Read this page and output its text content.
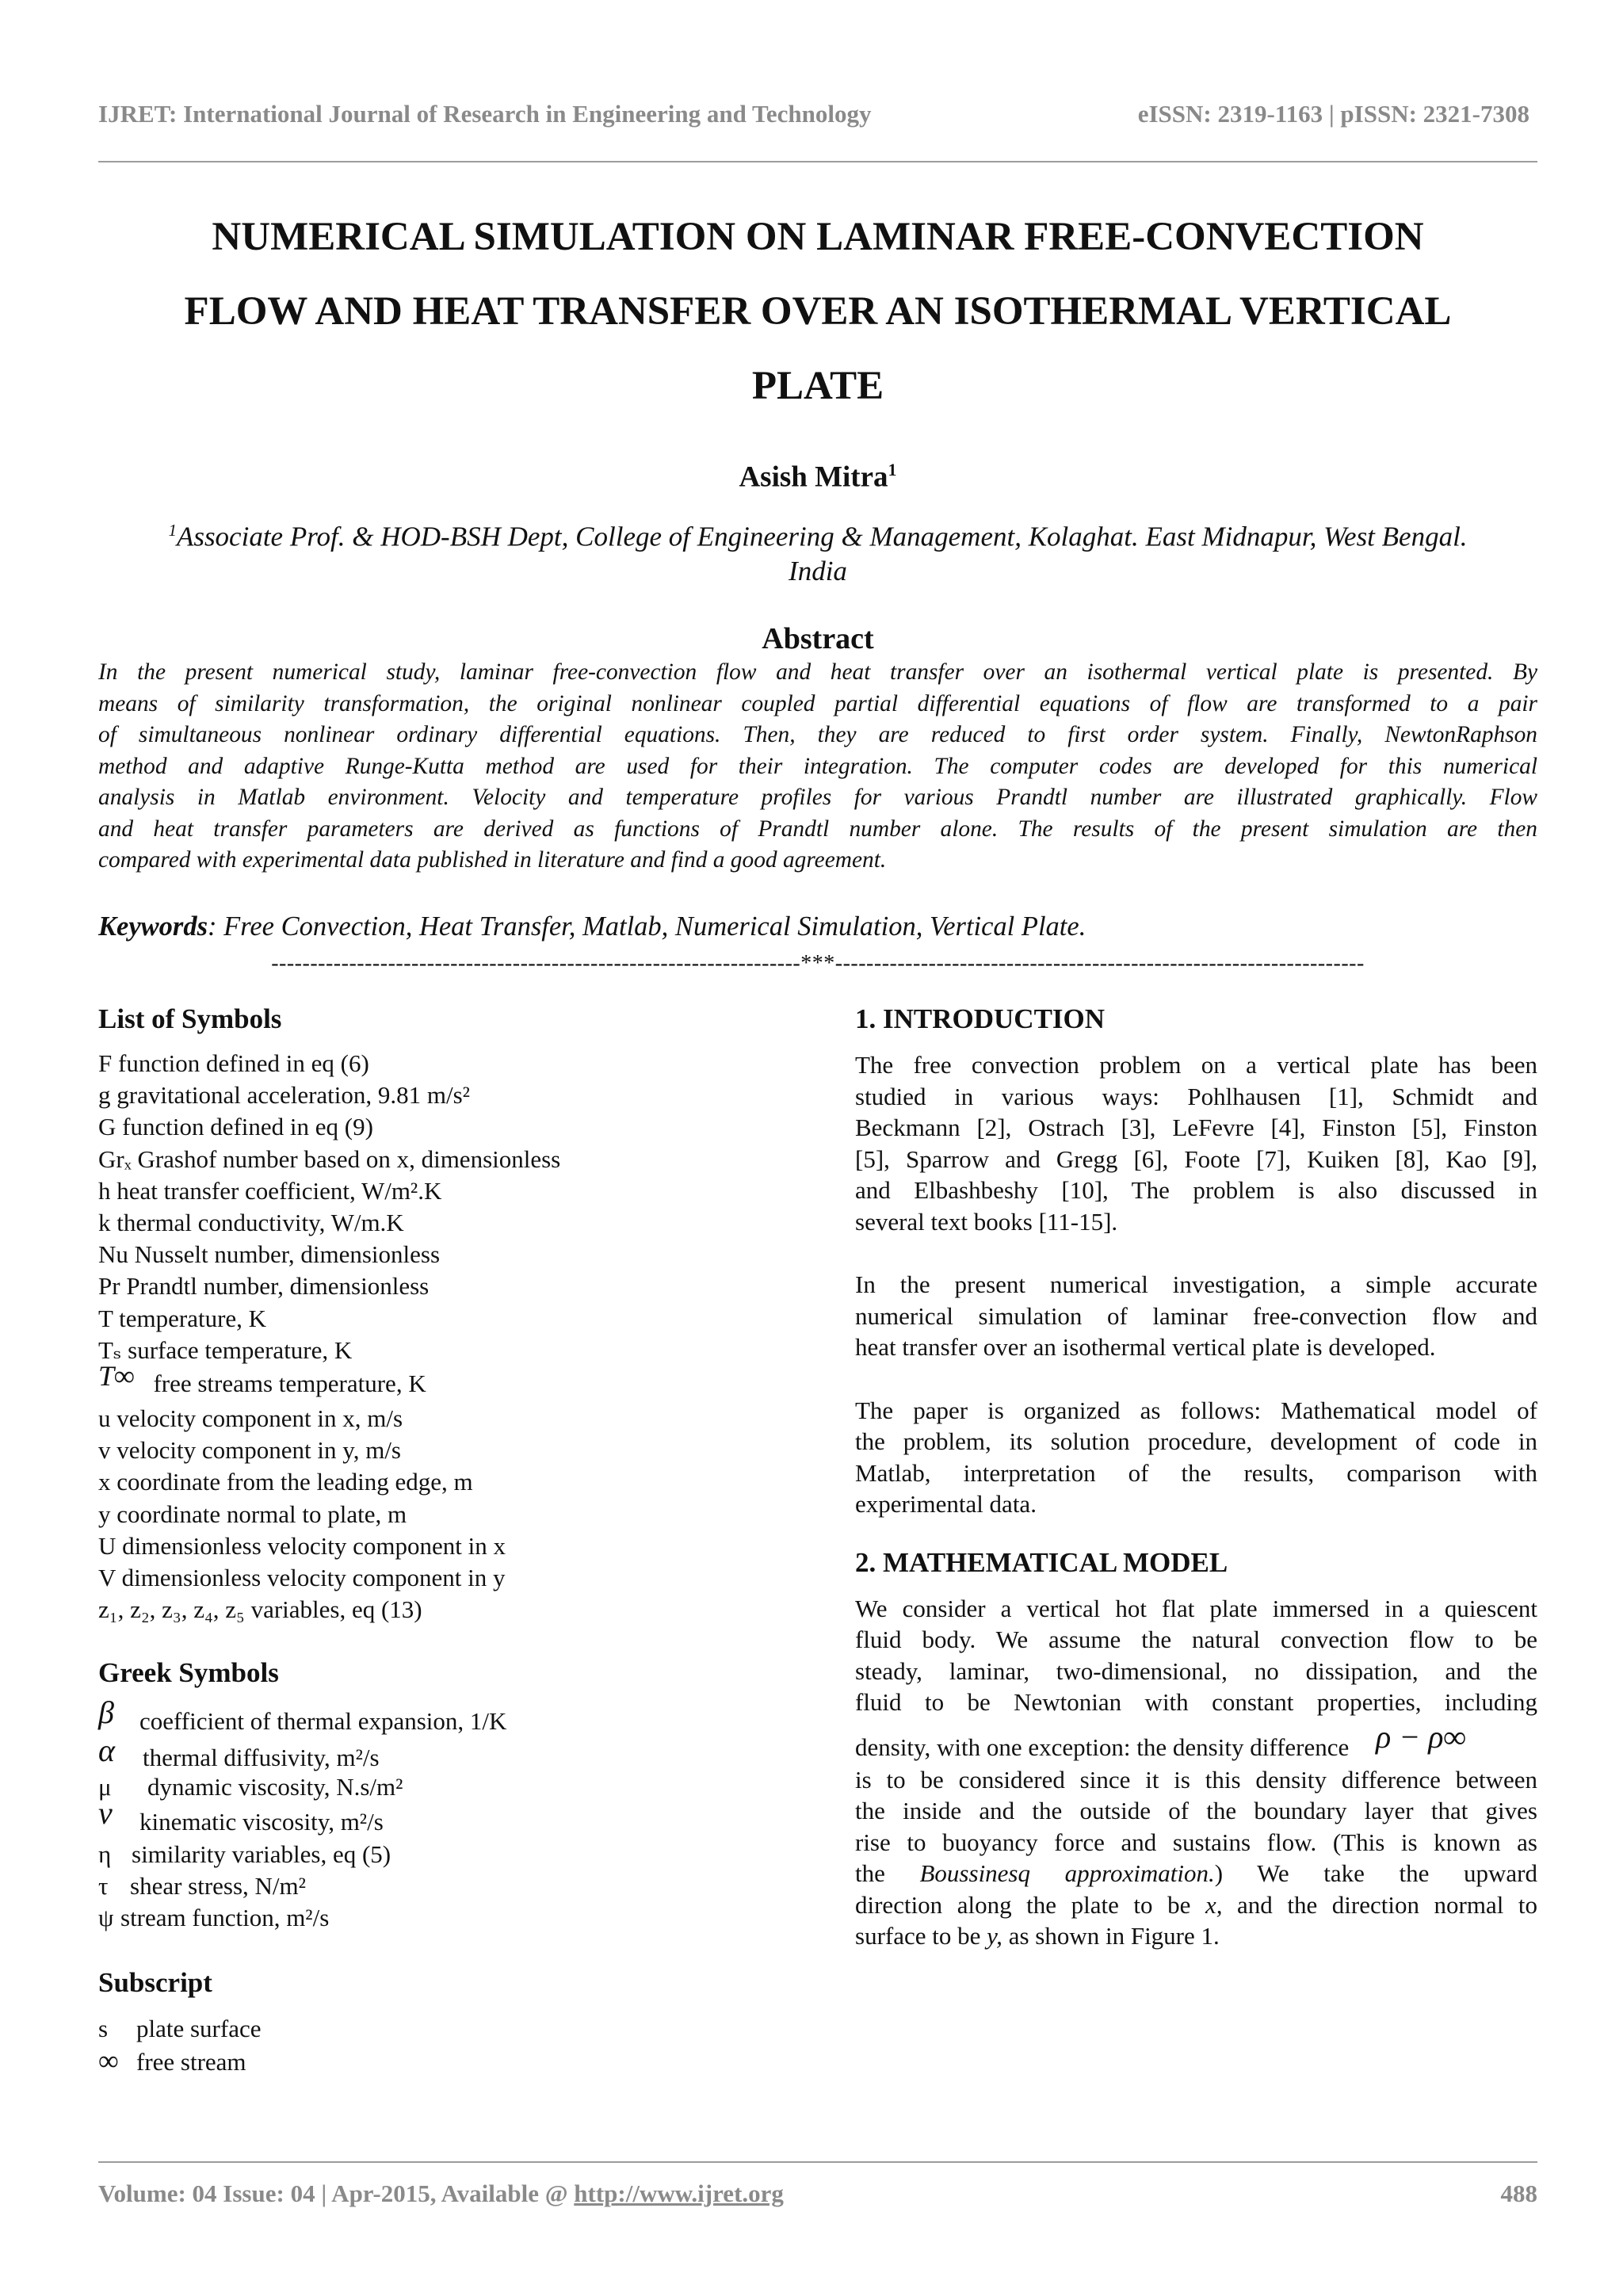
IJRET: International Journal of Research in Engineering and Technology	eISSN: 2319-1163 | pISSN: 2321-7308
NUMERICAL SIMULATION ON LAMINAR FREE-CONVECTION
FLOW AND HEAT TRANSFER OVER AN ISOTHERMAL VERTICAL
PLATE
Asish Mitra$^1$
$^1$Associate Prof. & HOD-BSH Dept, College of Engineering & Management, Kolaghat. East Midnapur, West Bengal.
India
Abstract
In the present numerical study, laminar free-convection flow and heat transfer over an isothermal vertical plate is presented. By
means of similarity transformation, the original nonlinear coupled partial differential equations of flow are transformed to a pair
of simultaneous nonlinear ordinary differential equations. Then, they are reduced to first order system. Finally, NewtonRaphson
method and adaptive Runge-Kutta method are used for their integration. The computer codes are developed for this numerical
analysis in Matlab environment. Velocity and temperature profiles for various Prandtl number are illustrated graphically. Flow
and heat transfer parameters are derived as functions of Prandtl number alone. The results of the present simulation are then
compared with experimental data published in literature and find a good agreement.
Keywords: Free Convection, Heat Transfer, Matlab, Numerical Simulation, Vertical Plate.
--------------------------------------------------------------------***--------------------------------------------------------------------
List of Symbols
F function defined in eq (6)
g gravitational acceleration, 9.81 m/s²
G function defined in eq (9)
Grₓ Grashof number based on x, dimensionless
h heat transfer coefficient, W/m².K
k thermal conductivity, W/m.K
Nu Nusselt number, dimensionless
Pr Prandtl number, dimensionless
T temperature, K
Tₛ surface temperature, K
T∞ free streams temperature, K
u velocity component in x, m/s
v velocity component in y, m/s
x coordinate from the leading edge, m
y coordinate normal to plate, m
U dimensionless velocity component in x
V dimensionless velocity component in y
z₁, z₂, z₃, z₄, z₅ variables, eq (13)
Greek Symbols
β coefficient of thermal expansion, 1/K
α thermal diffusivity, m²/s
μ dynamic viscosity, N.s/m²
ν kinematic viscosity, m²/s
η similarity variables, eq (5)
τ shear stress, N/m²
ψ stream function, m²/s
Subscript
s plate surface
∞ free stream
1. INTRODUCTION
The free convection problem on a vertical plate has been
studied in various ways: Pohlhausen [1], Schmidt and
Beckmann [2], Ostrach [3], LeFevre [4], Finston [5], Finston
[5], Sparrow and Gregg [6], Foote [7], Kuiken [8], Kao [9],
and Elbashbeshy [10], The problem is also discussed in
several text books [11-15].
In the present numerical investigation, a simple accurate
numerical simulation of laminar free-convection flow and
heat transfer over an isothermal vertical plate is developed.
The paper is organized as follows: Mathematical model of
the problem, its solution procedure, development of code in
Matlab, interpretation of the results, comparison with
experimental data.
2. MATHEMATICAL MODEL
We consider a vertical hot flat plate immersed in a quiescent
fluid body. We assume the natural convection flow to be
steady, laminar, two-dimensional, no dissipation, and the
fluid to be Newtonian with constant properties, including
density, with one exception: the density difference ρ − ρ∞
is to be considered since it is this density difference between
the inside and the outside of the boundary layer that gives
rise to buoyancy force and sustains flow. (This is known as
the Boussinesq approximation.) We take the upward
direction along the plate to be x, and the direction normal to
surface to be y, as shown in Figure 1.
Volume: 04 Issue: 04 | Apr-2015, Available @ http://www.ijret.org	488
